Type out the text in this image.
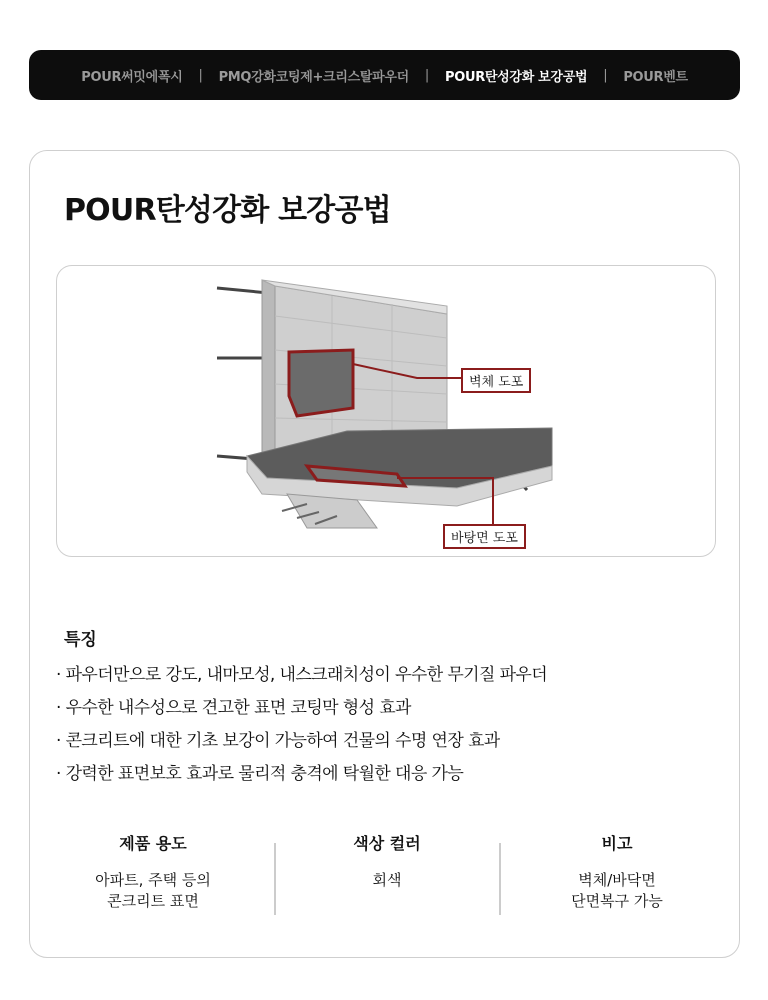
POUR써밋에폭시 | PMQ강화코팅제+크리스탈파우더 | POUR탄성강화 보강공법 | POUR벤트
POUR탄성강화 보강공법
벽체 도포
바탕면 도포
특징
· 파우더만으로 강도, 내마모성, 내스크래치성이 우수한 무기질 파우더
· 우수한 내수성으로 견고한 표면 코팅막 형성 효과
· 콘크리트에 대한 기초 보강이 가능하여 건물의 수명 연장 효과
· 강력한 표면보호 효과로 물리적 충격에 탁월한 대응 가능
제품 용도
아파트, 주택 등의
콘크리트 표면
색상 컬러
회색
비고
벽체/바닥면
단면복구 가능
